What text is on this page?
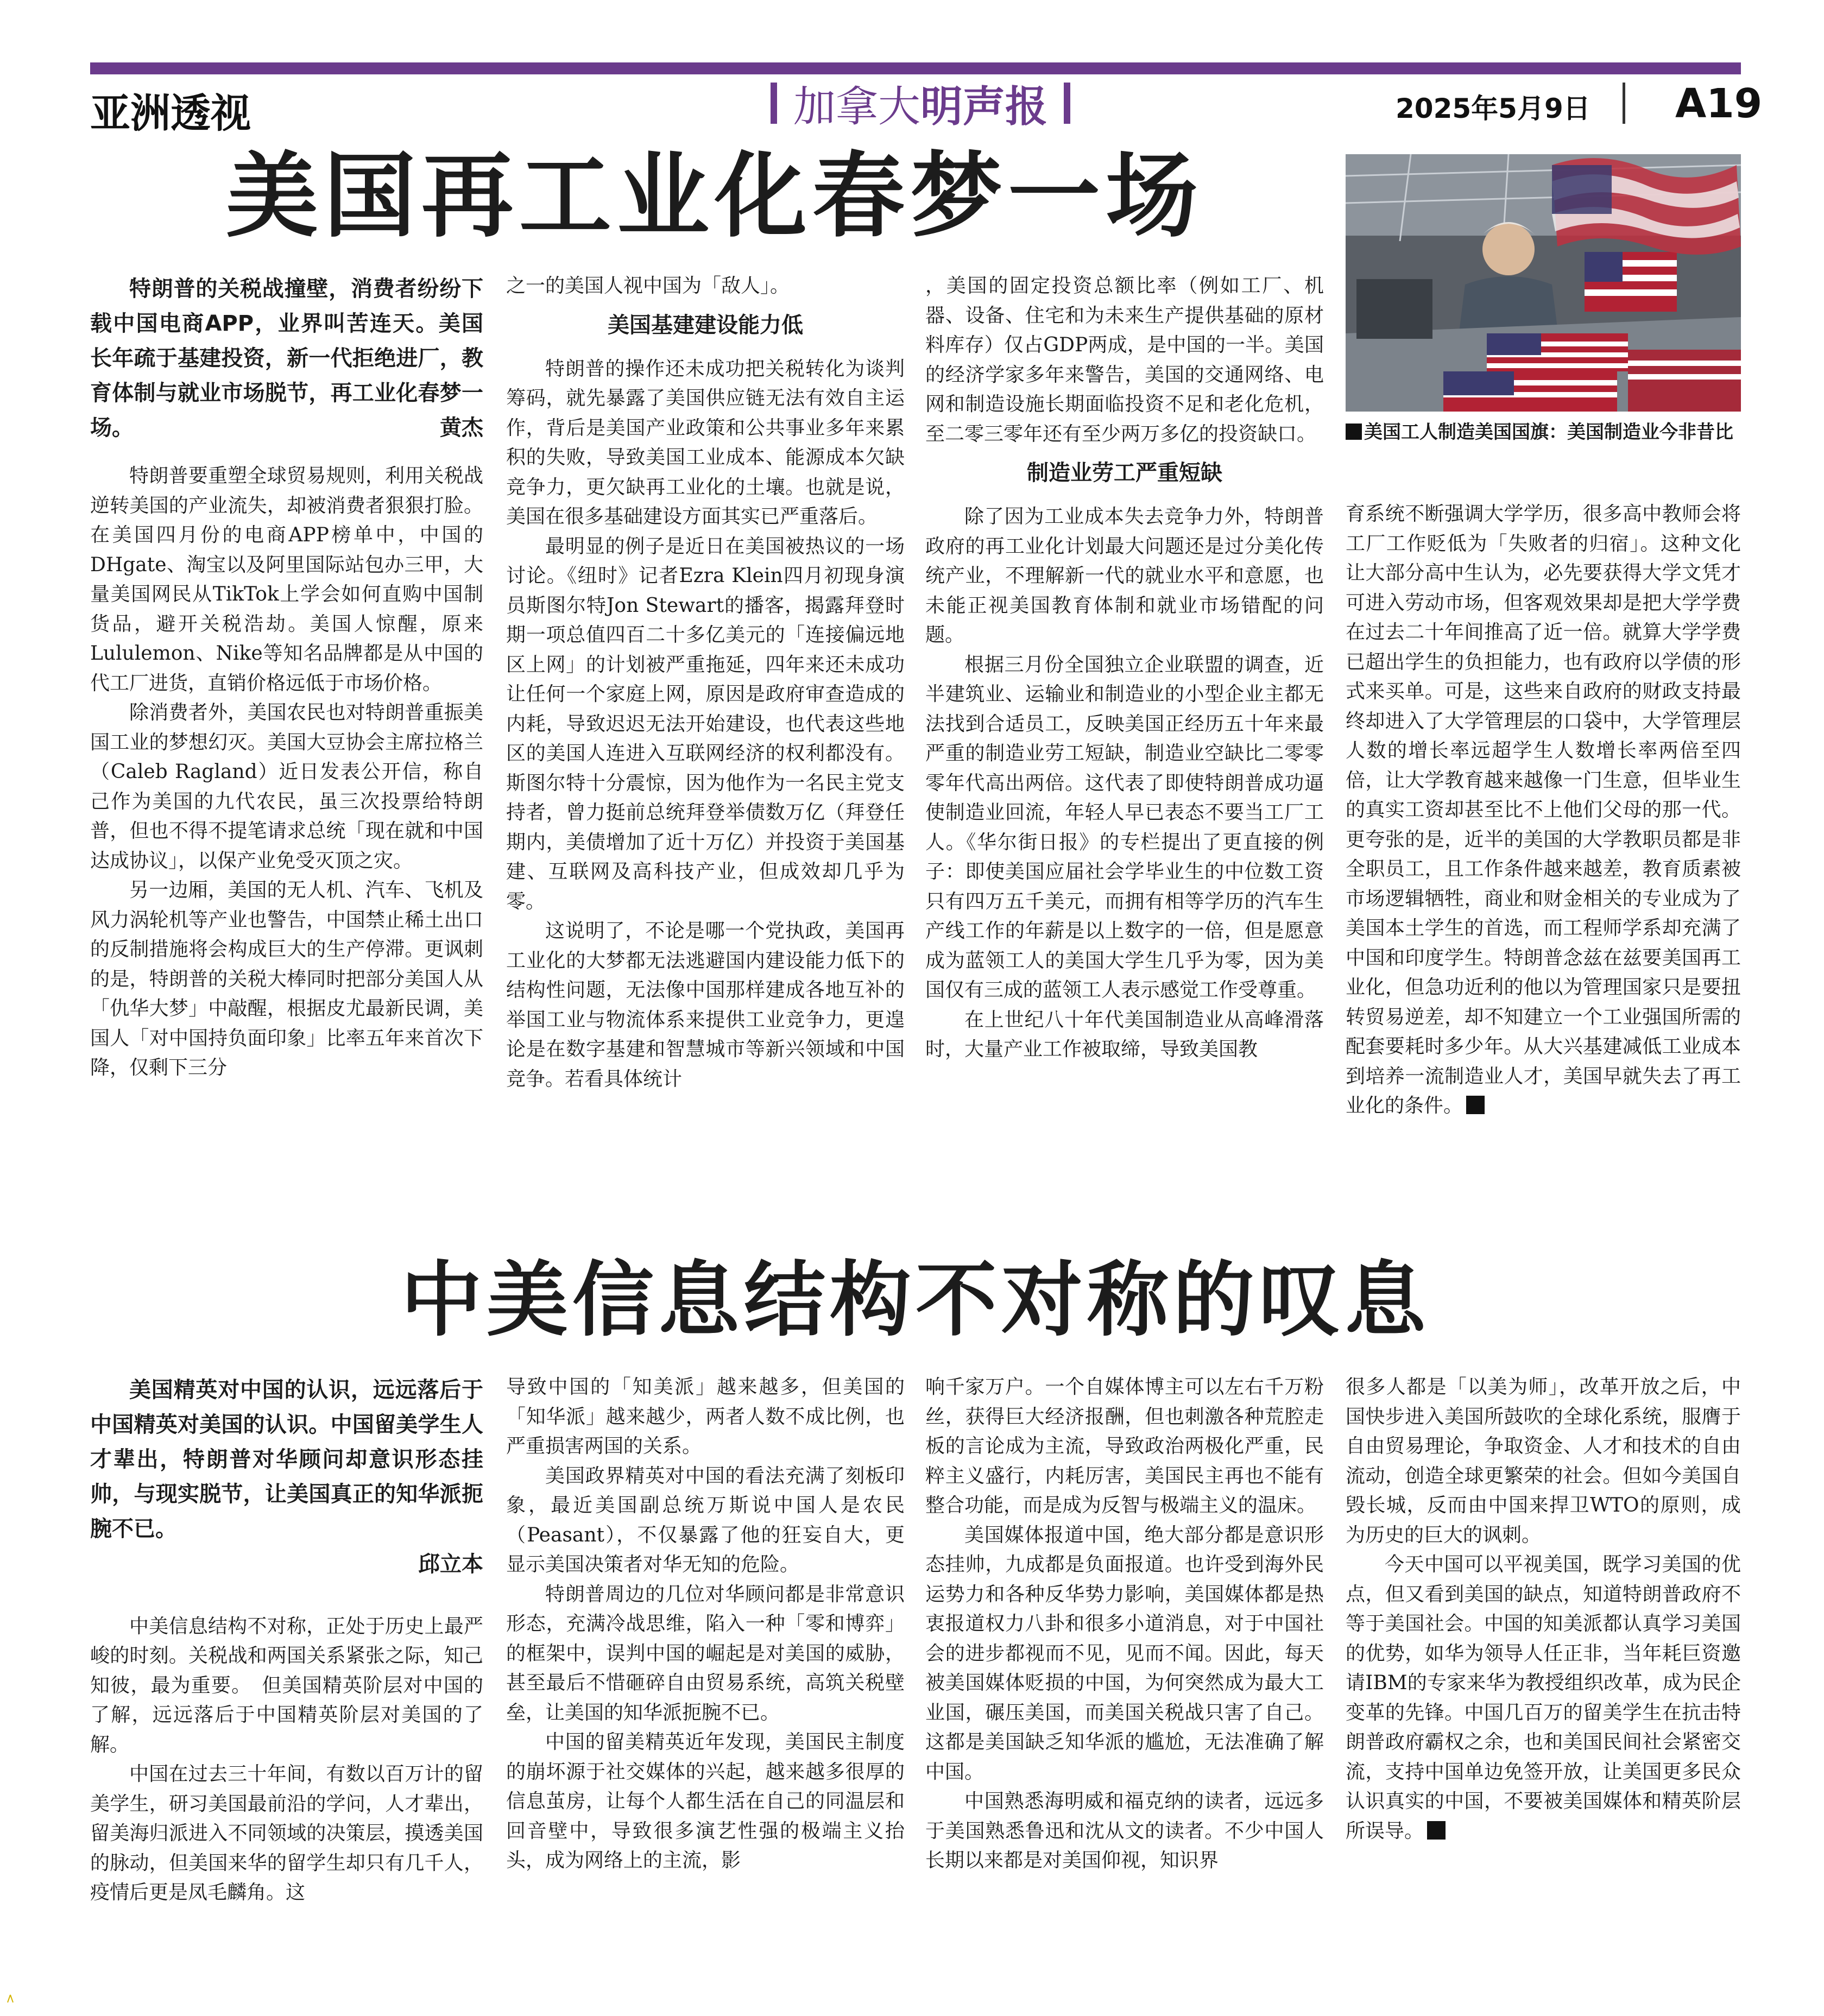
亚洲透视	加拿大明声报	2025年5月9日 A19
美国再工业化春梦一场

特朗普的关税战撞壁，消费者纷纷下载中国电商APP，业界叫苦连天。美国长年疏于基建投资，新一代拒绝进厂，教育体制与就业市场脱节，再工业化春梦一场。　	黄杰

特朗普要重塑全球贸易规则，利用关税战逆转美国的产业流失，却被消费者狠狠打脸。在美国四月份的电商APP榜单中，中国的DHgate、淘宝以及阿里国际站包办三甲，大量美国网民从TikTok上学会如何直购中国制货品，避开关税浩劫。美国人惊醒，原来Lululemon、Nike等知名品牌都是从中国的代工厂进货，直销价格远低于市场价格。

除消费者外，美国农民也对特朗普重振美国工业的梦想幻灭。美国大豆协会主席拉格兰（Caleb Ragland）近日发表公开信，称自己作为美国的九代农民，虽三次投票给特朗普，但也不得不提笔请求总统「现在就和中国达成协议」，以保产业免受灭顶之灾。

另一边厢，美国的无人机、汽车、飞机及风力涡轮机等产业也警告，中国禁止稀土出口的反制措施将会构成巨大的生产停滞。更讽刺的是，特朗普的关税大棒同时把部分美国人从「仇华大梦」中敲醒，根据皮尤最新民调，美国人「对中国持负面印象」比率五年来首次下降，仅剩下三分

之一的美国人视中国为「敌人」。

美国基建建设能力低

特朗普的操作还未成功把关税转化为谈判筹码，就先暴露了美国供应链无法有效自主运作，背后是美国产业政策和公共事业多年来累积的失败，导致美国工业成本、能源成本欠缺竞争力，更欠缺再工业化的土壤。也就是说，美国在很多基础建设方面其实已严重落后。

最明显的例子是近日在美国被热议的一场讨论。《纽时》记者Ezra Klein四月初现身演员斯图尔特Jon Stewart的播客，揭露拜登时期一项总值四百二十多亿美元的「连接偏远地区上网」的计划被严重拖延，四年来还未成功让任何一个家庭上网，原因是政府审查造成的内耗，导致迟迟无法开始建设，也代表这些地区的美国人连进入互联网经济的权利都没有。斯图尔特十分震惊，因为他作为一名民主党支持者，曾力挺前总统拜登举债数万亿（拜登任期内，美债增加了近十万亿）并投资于美国基建、互联网及高科技产业，但成效却几乎为零。

这说明了，不论是哪一个党执政，美国再工业化的大梦都无法逃避国内建设能力低下的结构性问题，无法像中国那样建成各地互补的举国工业与物流体系来提供工业竞争力，更遑论是在数字基建和智慧城市等新兴领域和中国竞争。若看具体统计

，美国的固定投资总额比率（例如工厂、机器、设备、住宅和为未来生产提供基础的原材料库存）仅占GDP两成，是中国的一半。美国的经济学家多年来警告，美国的交通网络、电网和制造设施长期面临投资不足和老化危机，至二零三零年还有至少两万多亿的投资缺口。

制造业劳工严重短缺

除了因为工业成本失去竞争力外，特朗普政府的再工业化计划最大问题还是过分美化传统产业，不理解新一代的就业水平和意愿，也未能正视美国教育体制和就业市场错配的问题。

根据三月份全国独立企业联盟的调查，近半建筑业、运输业和制造业的小型企业主都无法找到合适员工，反映美国正经历五十年来最严重的制造业劳工短缺，制造业空缺比二零零零年代高出两倍。这代表了即使特朗普成功逼使制造业回流，年轻人早已表态不要当工厂工人。《华尔街日报》的专栏提出了更直接的例子：即使美国应届社会学毕业生的中位数工资只有四万五千美元，而拥有相等学历的汽车生产线工作的年薪是以上数字的一倍，但是愿意成为蓝领工人的美国大学生几乎为零，因为美国仅有三成的蓝领工人表示感觉工作受尊重。

在上世纪八十年代美国制造业从高峰滑落时，大量产业工作被取缔，导致美国教

美国工人制造美国国旗：美国制造业今非昔比

育系统不断强调大学学历，很多高中教师会将工厂工作贬低为「失败者的归宿」。这种文化让大部分高中生认为，必先要获得大学文凭才可进入劳动市场，但客观效果却是把大学学费在过去二十年间推高了近一倍。就算大学学费已超出学生的负担能力，也有政府以学债的形式来买单。可是，这些来自政府的财政支持最终却进入了大学管理层的口袋中，大学管理层人数的增长率远超学生人数增长率两倍至四倍，让大学教育越来越像一门生意，但毕业生的真实工资却甚至比不上他们父母的那一代。更夸张的是，近半的美国的大学教职员都是非全职员工，且工作条件越来越差，教育质素被市场逻辑牺牲，商业和财金相关的专业成为了美国本土学生的首选，而工程师学系却充满了中国和印度学生。特朗普念兹在兹要美国再工业化，但急功近利的他以为管理国家只是要扭转贸易逆差，却不知建立一个工业强国所需的配套要耗时多少年。从大兴基建减低工业成本到培养一流制造业人才，美国早就失去了再工业化的条件。

中美信息结构不对称的叹息

美国精英对中国的认识，远远落后于中国精英对美国的认识。中国留美学生人才辈出，特朗普对华顾问却意识形态挂帅，与现实脱节，让美国真正的知华派扼腕不已。

邱立本

中美信息结构不对称，正处于历史上最严峻的时刻。关税战和两国关系紧张之际，知己知彼，最为重要。　但美国精英阶层对中国的了解，远远落后于中国精英阶层对美国的了解。

中国在过去三十年间，有数以百万计的留美学生，研习美国最前沿的学问，人才辈出，留美海归派进入不同领域的决策层，摸透美国的脉动，但美国来华的留学生却只有几千人，疫情后更是凤毛麟角。这

导致中国的「知美派」越来越多，但美国的「知华派」越来越少，两者人数不成比例，也严重损害两国的关系。

美国政界精英对中国的看法充满了刻板印象，最近美国副总统万斯说中国人是农民（Peasant），不仅暴露了他的狂妄自大，更显示美国决策者对华无知的危险。

特朗普周边的几位对华顾问都是非常意识形态，充满冷战思维，陷入一种「零和博弈」的框架中，误判中国的崛起是对美国的威胁，甚至最后不惜砸碎自由贸易系统，高筑关税壁垒，让美国的知华派扼腕不已。

中国的留美精英近年发现，美国民主制度的崩坏源于社交媒体的兴起，越来越多很厚的信息茧房，让每个人都生活在自己的同温层和回音壁中，导致很多演艺性强的极端主义抬头，成为网络上的主流，影

响千家万户。一个自媒体博主可以左右千万粉丝，获得巨大经济报酬，但也刺激各种荒腔走板的言论成为主流，导致政治两极化严重，民粹主义盛行，内耗厉害，美国民主再也不能有整合功能，而是成为反智与极端主义的温床。

美国媒体报道中国，绝大部分都是意识形态挂帅，九成都是负面报道。也许受到海外民运势力和各种反华势力影响，美国媒体都是热衷报道权力八卦和很多小道消息，对于中国社会的进步都视而不见，见而不闻。因此，每天被美国媒体贬损的中国，为何突然成为最大工业国，碾压美国，而美国关税战只害了自己。这都是美国缺乏知华派的尴尬，无法准确了解中国。

中国熟悉海明威和福克纳的读者，远远多于美国熟悉鲁迅和沈从文的读者。不少中国人长期以来都是对美国仰视，知识界

很多人都是「以美为师」，改革开放之后，中国快步进入美国所鼓吹的全球化系统，服膺于自由贸易理论，争取资金、人才和技术的自由流动，创造全球更繁荣的社会。但如今美国自毁长城，反而由中国来捍卫WTO的原则，成为历史的巨大的讽刺。

今天中国可以平视美国，既学习美国的优点，但又看到美国的缺点，知道特朗普政府不等于美国社会。中国的知美派都认真学习美国的优势，如华为领导人任正非，当年耗巨资邀请IBM的专家来华为教授组织改革，成为民企变革的先锋。中国几百万的留美学生在抗击特朗普政府霸权之余，也和美国民间社会紧密交流，支持中国单边免签开放，让美国更多民众认识真实的中国，不要被美国媒体和精英阶层所误导。
